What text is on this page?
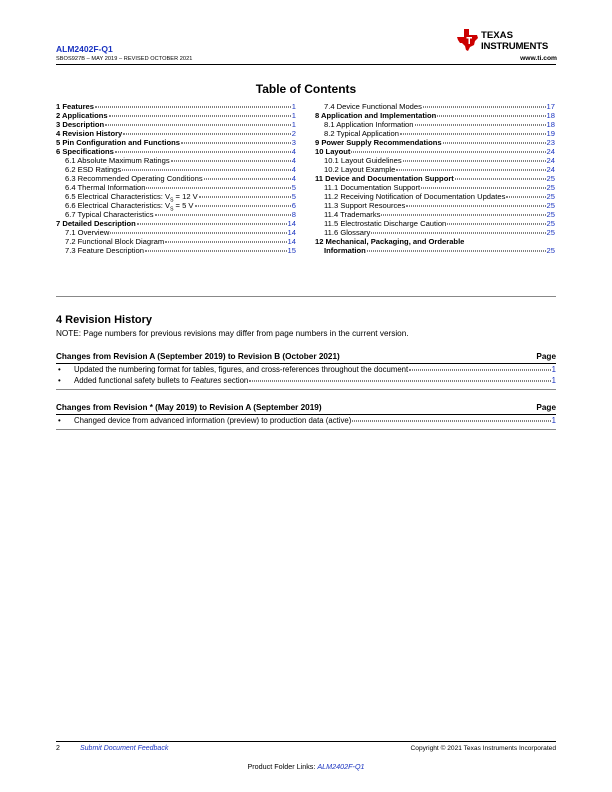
ALM2402F-Q1
SBOS927B – MAY 2019 – REVISED OCTOBER 2021
TEXAS
INSTRUMENTS
www.ti.com
Table of Contents
1 Features	1
2 Applications	1
3 Description	1
4 Revision History	2
5 Pin Configuration and Functions	3
6 Specifications	4
6.1 Absolute Maximum Ratings	4
6.2 ESD Ratings	4
6.3 Recommended Operating Conditions	4
6.4 Thermal Information	5
6.5 Electrical Characteristics: $V_S = 12$ V	5
6.6 Electrical Characteristics: $V_S = 5$ V	6
6.7 Typical Characteristics	8
7 Detailed Description	14
7.1 Overview	14
7.2 Functional Block Diagram	14
7.3 Feature Description	15
7.4 Device Functional Modes	17
8 Application and Implementation	18
8.1 Application Information	18
8.2 Typical Application	19
9 Power Supply Recommendations	23
10 Layout	24
10.1 Layout Guidelines	24
10.2 Layout Example	24
11 Device and Documentation Support	25
11.1 Documentation Support	25
11.2 Receiving Notification of Documentation Updates	25
11.3 Support Resources	25
11.4 Trademarks	25
11.5 Electrostatic Discharge Caution	25
11.6 Glossary	25
12 Mechanical, Packaging, and Orderable
Information	25
4 Revision History
NOTE: Page numbers for previous revisions may differ from page numbers in the current version.
Changes from Revision A (September 2019) to Revision B (October 2021)	Page
• Updated the numbering format for tables, figures, and cross-references throughout the document	1
• Added functional safety bullets to Features section	1
Changes from Revision * (May 2019) to Revision A (September 2019)	Page
• Changed device from advanced information (preview) to production data (active)	1
2	Submit Document Feedback	Copyright © 2021 Texas Instruments Incorporated
Product Folder Links: ALM2402F-Q1
